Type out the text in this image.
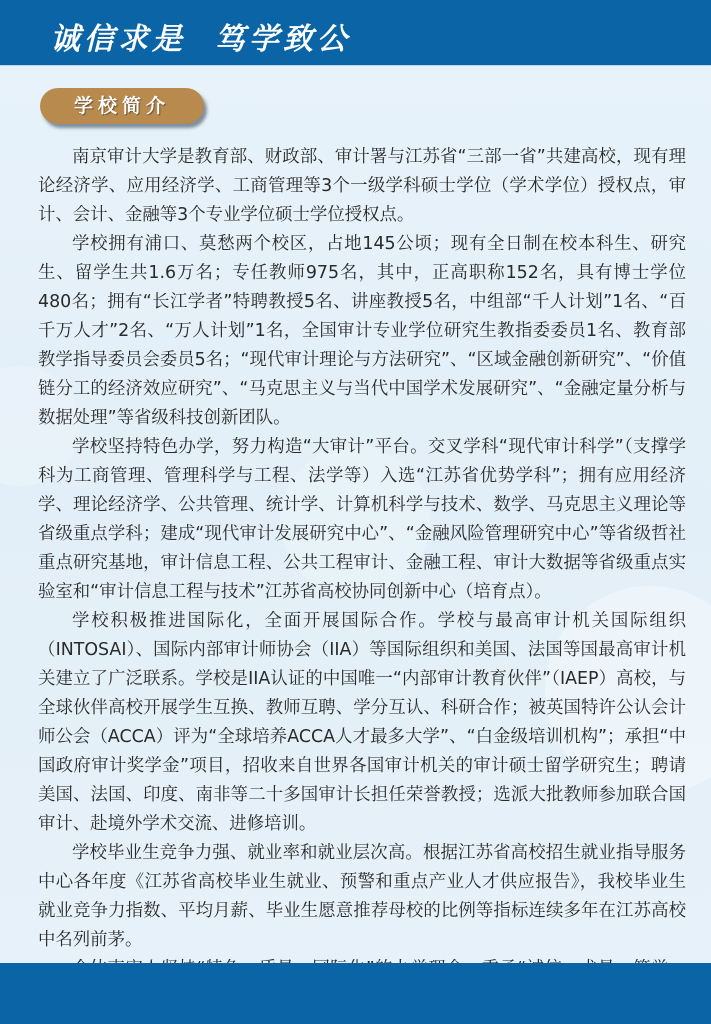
诚信求是  笃学致公
学校简介

南京审计大学是教育部、财政部、审计署与江苏省“三部一省”共建高校，现有理论经济学、应用经济学、工商管理等3个一级学科硕士学位（学术学位）授权点，审计、会计、金融等3个专业学位硕士学位授权点。

学校拥有浦口、莫愁两个校区，占地145公顷；现有全日制在校本科生、研究生、留学生共1.6万名；专任教师975名，其中，正高职称152名，具有博士学位480名；拥有“长江学者”特聘教授5名、讲座教授5名，中组部“千人计划”1名、“百千万人才”2名、“万人计划”1名，全国审计专业学位研究生教指委委员1名、教育部教学指导委员会委员5名；“现代审计理论与方法研究”、“区域金融创新研究”、“价值链分工的经济效应研究”、“马克思主义与当代中国学术发展研究”、“金融定量分析与数据处理”等省级科技创新团队。

学校坚持特色办学，努力构造“大审计”平台。交叉学科“现代审计科学”（支撑学科为工商管理、管理科学与工程、法学等）入选“江苏省优势学科”；拥有应用经济学、理论经济学、公共管理、统计学、计算机科学与技术、数学、马克思主义理论等省级重点学科；建成“现代审计发展研究中心”、“金融风险管理研究中心”等省级哲社重点研究基地，审计信息工程、公共工程审计、金融工程、审计大数据等省级重点实验室和“审计信息工程与技术”江苏省高校协同创新中心（培育点）。

学校积极推进国际化，全面开展国际合作。学校与最高审计机关国际组织（INTOSAI）、国际内部审计师协会（IIA）等国际组织和美国、法国等国最高审计机关建立了广泛联系。学校是IIA认证的中国唯一“内部审计教育伙伴”（IAEP）高校，与全球伙伴高校开展学生互换、教师互聘、学分互认、科研合作；被英国特许公认会计师公会（ACCA）评为“全球培养ACCA人才最多大学”、“白金级培训机构”；承担“中国政府审计奖学金”项目，招收来自世界各国审计机关的审计硕士留学研究生；聘请美国、法国、印度、南非等二十多国审计长担任荣誉教授；选派大批教师参加联合国审计、赴境外学术交流、进修培训。

学校毕业生竞争力强、就业率和就业层次高。根据江苏省高校招生就业指导服务中心各年度《江苏省高校毕业生就业、预警和重点产业人才供应报告》，我校毕业生就业竞争力指数、平均月薪、毕业生愿意推荐母校的比例等指标连续多年在江苏高校中名列前茅。
